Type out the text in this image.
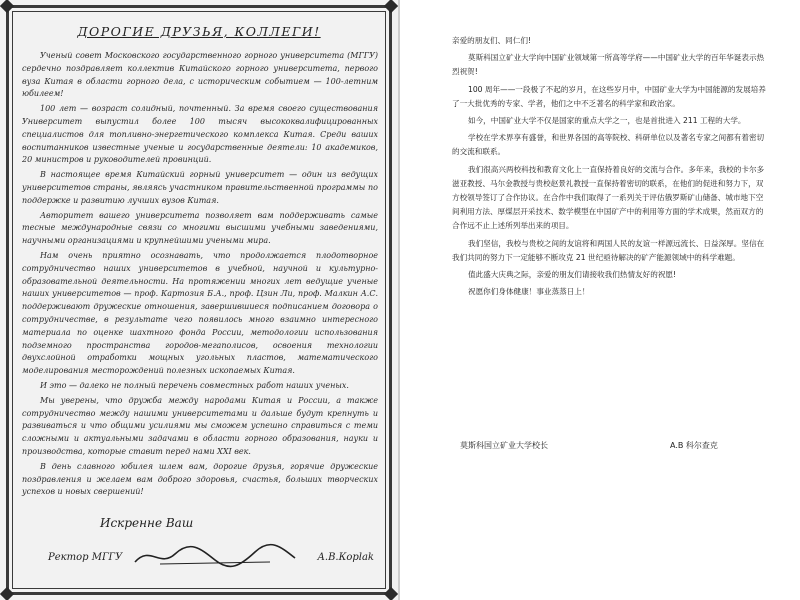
ДОРОГИЕ ДРУЗЬЯ, КОЛЛЕГИ!

Ученый совет Московского государственного горного университета (МГГУ) сердечно поздравляет коллектив Китайского горного университета, первого вуза Китая в области горного дела, с историческим событием — 100-летним юбилеем!

100 лет — возраст солидный, почтенный. За время своего существования Университет выпустил более 100 тысяч высококвалифицированных специалистов для топливно-энергетического комплекса Китая. Среди ваших воспитанников известные ученые и государственные деятели: 10 академиков, 20 министров и руководителей провинций.

В настоящее время Китайский горный университет — один из ведущих университетов страны, являясь участником правительственной программы по поддержке и развитию лучших вузов Китая.

Авторитет вашего университета позволяет вам поддерживать самые тесные международные связи со многими высшими учебными заведениями, научными организациями и крупнейшими учеными мира.

Нам очень приятно осознавать, что продолжается плодотворное сотрудничество наших университетов в учебной, научной и культурно-образовательной деятельности. На протяжении многих лет ведущие ученые наших университетов — проф. Картозия Б.А., проф. Цзин Ли, проф. Малкин А.С. поддерживают дружеские отношения, завершившиеся подписанием договора о сотрудничестве, в результате чего появилось много взаимно интересного материала по оценке шахтного фонда России, методологии использования подземного пространства городов-мегаполисов, освоения технологии двухслойной отработки мощных угольных пластов, математического моделирования месторождений полезных ископаемых Китая.

И это — далеко не полный перечень совместных работ наших ученых.

Мы уверены, что дружба между народами Китая и России, а также сотрудничество между нашими университетами и дальше будут крепнуть и развиваться и что общими усилиями мы сможем успешно справиться с теми сложными и актуальными задачами в области горного образования, науки и производства, которые ставит перед нами XXI век.

В день славного юбилея шлем вам, дорогие друзья, горячие дружеские поздравления и желаем вам доброго здоровья, счастья, больших творческих успехов и новых свершений!

Искренне Ваш
Ректор МГГУ	А.В.Корlak

亲爱的朋友们、同仁们!

莫斯科国立矿业大学向中国矿业领域第一所高等学府——中国矿业大学的百年华诞表示热烈祝贺!

100 周年——一段极了不起的岁月，在这些岁月中，中国矿业大学为中国能源的发展培养了一大批优秀的专家、学者，他们之中不乏著名的科学家和政治家。

如今，中国矿业大学不仅是国家的重点大学之一，也是首批进入 211 工程的大学。

学校在学术界享有盛誉，和世界各国的高等院校、科研单位以及著名专家之间都有着密切的交流和联系。

我们很高兴两校科技和教育文化上一直保持着良好的交流与合作。多年来，我校的卡尔多滋亚教授、马尔金教授与贵校赵景礼教授一直保持着密切的联系，在他们的促进和努力下，双方校领导签订了合作协议。在合作中我们取得了一系列关于评估俄罗斯矿山储备、城市地下空间利用方法、厚煤层开采技术、数学模型在中国矿产中的利用等方面的学术成果，然而双方的合作远不止上述所列举出来的项目。

我们坚信，我校与贵校之间的友谊将和两国人民的友谊一样源远流长、日益深厚。坚信在我们共同的努力下一定能够不断攻克 21 世纪亟待解决的矿产能源领域中的科学难题。

值此盛大庆典之际，亲爱的朋友们请接收我们热情友好的祝愿!

祝愿你们身体健康！事业蒸蒸日上！

莫斯科国立矿业大学校长	A.B 科尔查克
